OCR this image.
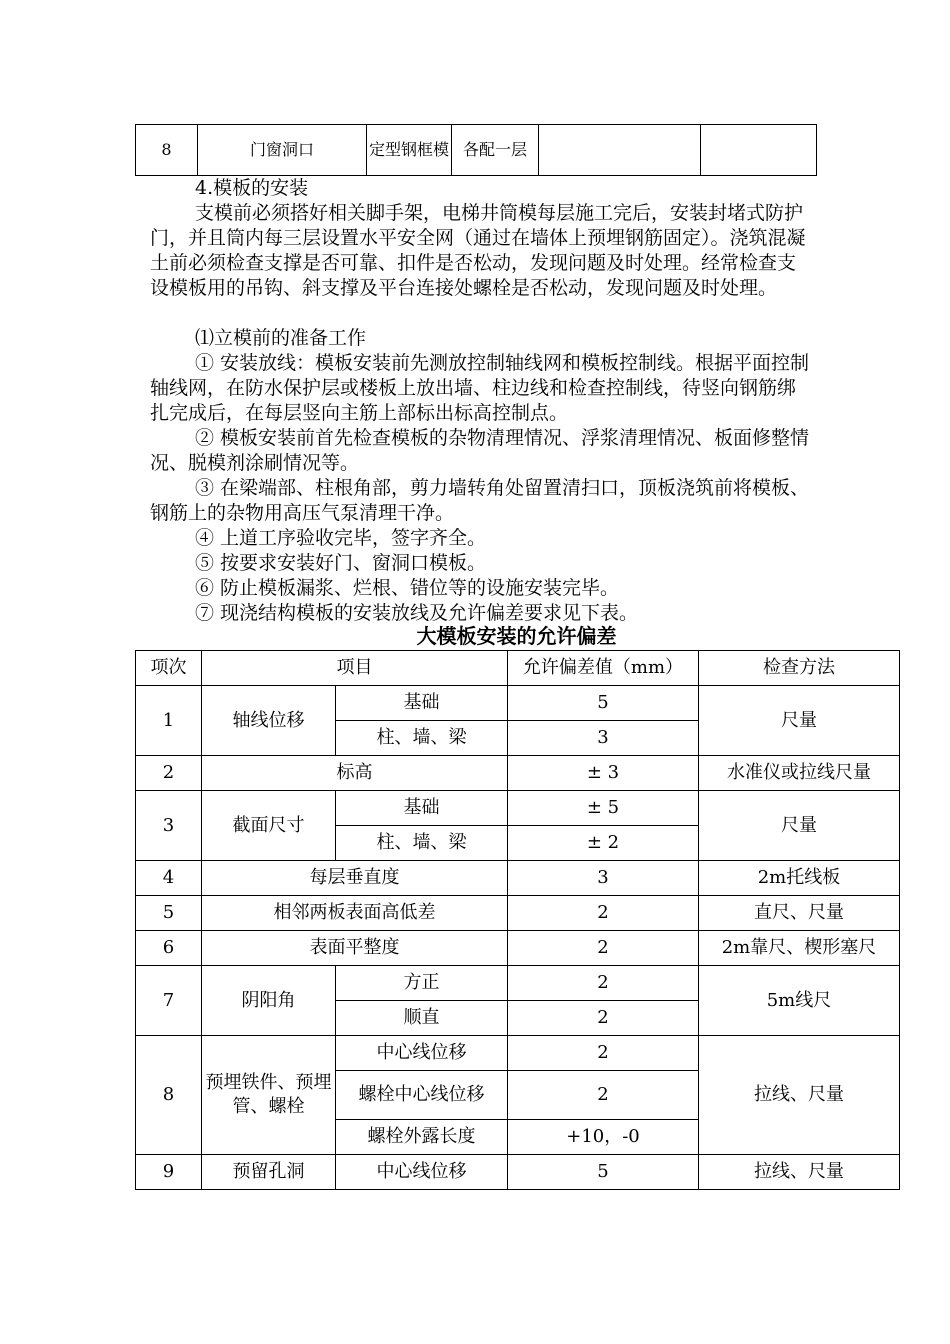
8	门窗洞口	定型钢框模	各配一层		

4.模板的安装

支模前必须搭好相关脚手架，电梯井筒模每层施工完后，安装封堵式防护门，并且筒内每三层设置水平安全网（通过在墙体上预埋钢筋固定）。浇筑混凝土前必须检查支撑是否可靠、扣件是否松动，发现问题及时处理。经常检查支设模板用的吊钩、斜支撑及平台连接处螺栓是否松动，发现问题及时处理。

⑴立模前的准备工作

① 安装放线：模板安装前先测放控制轴线网和模板控制线。根据平面控制轴线网，在防水保护层或楼板上放出墙、柱边线和检查控制线，待竖向钢筋绑扎完成后，在每层竖向主筋上部标出标高控制点。

② 模板安装前首先检查模板的杂物清理情况、浮浆清理情况、板面修整情况、脱模剂涂刷情况等。

③ 在梁端部、柱根角部，剪力墙转角处留置清扫口，顶板浇筑前将模板、钢筋上的杂物用高压气泵清理干净。

④ 上道工序验收完毕，签字齐全。

⑤ 按要求安装好门、窗洞口模板。

⑥ 防止模板漏浆、烂根、错位等的设施安装完毕。

⑦ 现浇结构模板的安装放线及允许偏差要求见下表。

大模板安装的允许偏差

项次	项目		允许偏差值（mm）	检查方法
1	轴线位移	基础	5	尺量
		柱、墙、梁	3	
2	标高		± 3	水准仪或拉线尺量
3	截面尺寸	基础	± 5	尺量
		柱、墙、梁	± 2	
4	每层垂直度		3	2m托线板
5	相邻两板表面高低差		2	直尺、尺量
6	表面平整度		2	2m靠尺、楔形塞尺
7	阴阳角	方正	2	5m线尺
		顺直	2	
8	预埋铁件、预埋管、螺栓	中心线位移	2	拉线、尺量
		螺栓中心线位移	2	
		螺栓外露长度	+10，-0	
9	预留孔洞	中心线位移	5	拉线、尺量
